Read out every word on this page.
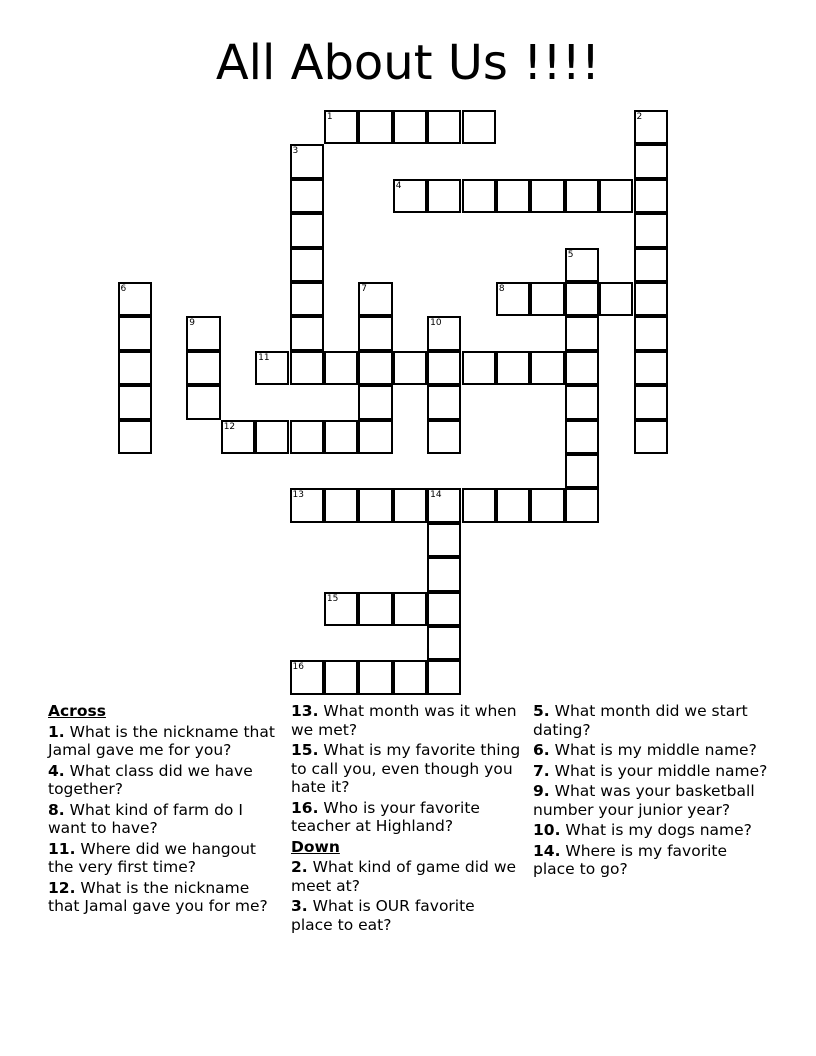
All About Us !!!!
1	2
3
4
5
6	7	8
9	10
11
12
13	14
15
16
Across
1. What is the nickname that Jamal gave me for you?
4. What class did we have together?
8. What kind of farm do I want to have?
11. Where did we hangout the very first time?
12. What is the nickname that Jamal gave you for me?
13. What month was it when we met?
15. What is my favorite thing to call you, even though you hate it?
16. Who is your favorite teacher at Highland?
Down
2. What kind of game did we meet at?
3. What is OUR favorite place to eat?
5. What month did we start dating?
6. What is my middle name?
7. What is your middle name?
9. What was your basketball number your junior year?
10. What is my dogs name?
14. Where is my favorite place to go?
